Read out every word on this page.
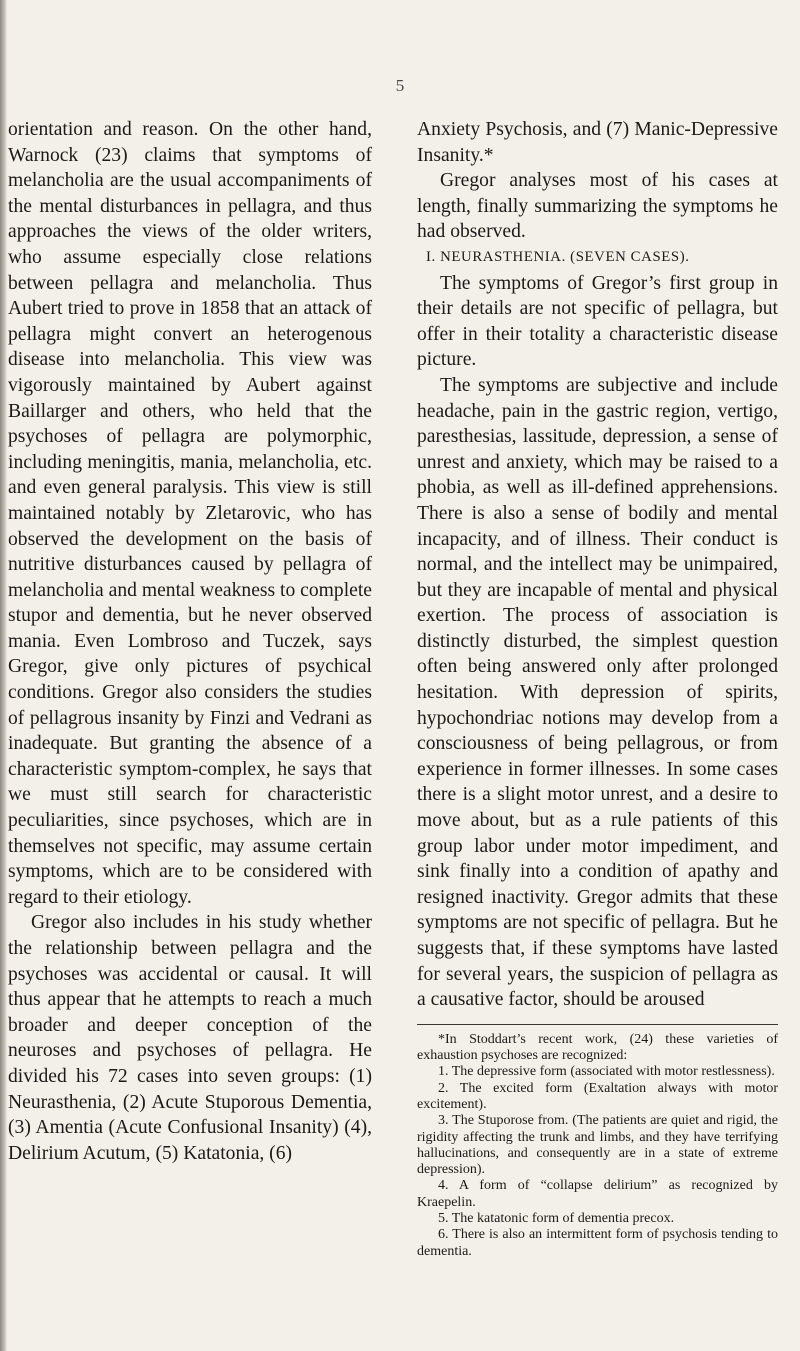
5

orientation and reason. On the other hand, Warnock (23) claims that symptoms of melancholia are the usual accompaniments of the mental disturbances in pellagra, and thus approaches the views of the older writers, who assume especially close relations between pellagra and melancholia. Thus Aubert tried to prove in 1858 that an attack of pellagra might convert an heterogenous disease into melancholia. This view was vigorously maintained by Aubert against Baillarger and others, who held that the psychoses of pellagra are polymorphic, including meningitis, mania, melancholia, etc. and even general paralysis. This view is still maintained notably by Zletarovic, who has observed the development on the basis of nutritive disturbances caused by pellagra of melancholia and mental weakness to complete stupor and dementia, but he never observed mania. Even Lombroso and Tuczek, says Gregor, give only pictures of psychical conditions. Gregor also considers the studies of pellagrous insanity by Finzi and Vedrani as inadequate. But granting the absence of a characteristic symptom-complex, he says that we must still search for characteristic peculiarities, since psychoses, which are in themselves not specific, may assume certain symptoms, which are to be considered with regard to their etiology.

Gregor also includes in his study whether the relationship between pellagra and the psychoses was accidental or causal. It will thus appear that he attempts to reach a much broader and deeper conception of the neuroses and psychoses of pellagra. He divided his 72 cases into seven groups: (1) Neurasthenia, (2) Acute Stuporous Dementia, (3) Amentia (Acute Confusional Insanity) (4), Delirium Acutum, (5) Katatonia, (6)

Anxiety Psychosis, and (7) Manic-Depressive Insanity.*

Gregor analyses most of his cases at length, finally summarizing the symptoms he had observed.

I. NEURASTHENIA. (SEVEN CASES).

The symptoms of Gregor’s first group in their details are not specific of pellagra, but offer in their totality a characteristic disease picture.

The symptoms are subjective and include headache, pain in the gastric region, vertigo, paresthesias, lassitude, depression, a sense of unrest and anxiety, which may be raised to a phobia, as well as ill-defined apprehensions. There is also a sense of bodily and mental incapacity, and of illness. Their conduct is normal, and the intellect may be unimpaired, but they are incapable of mental and physical exertion. The process of association is distinctly disturbed, the simplest question often being answered only after prolonged hesitation. With depression of spirits, hypochondriac notions may develop from a consciousness of being pellagrous, or from experience in former illnesses. In some cases there is a slight motor unrest, and a desire to move about, but as a rule patients of this group labor under motor impediment, and sink finally into a condition of apathy and resigned inactivity. Gregor admits that these symptoms are not specific of pellagra. But he suggests that, if these symptoms have lasted for several years, the suspicion of pellagra as a causative factor, should be aroused

*In Stoddart’s recent work, (24) these varieties of exhaustion psychoses are recognized:

1. The depressive form (associated with motor restlessness).

2. The excited form (Exaltation always with motor excitement).

3. The Stuporose from. (The patients are quiet and rigid, the rigidity affecting the trunk and limbs, and they have terrifying hallucinations, and consequently are in a state of extreme depression).

4. A form of “collapse delirium” as recognized by Kraepelin.

5. The katatonic form of dementia precox.

6. There is also an intermittent form of psychosis tending to dementia.
